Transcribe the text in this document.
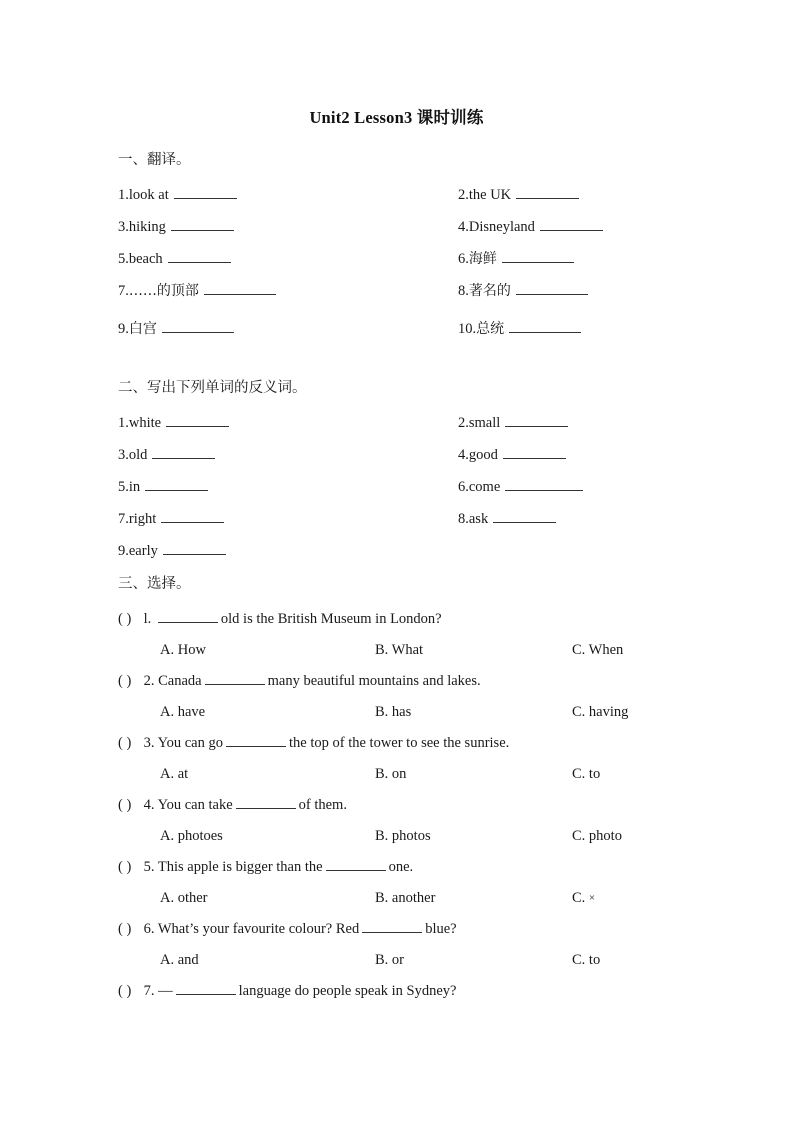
Unit2 Lesson3 课时训练
一、翻译。
1.look at	2.the UK
3.hiking	4.Disneyland
5.beach	6.海鲜
7.……的顶部	8.著名的
9.白宫	10.总统
二、写出下列单词的反义词。
1.white	2.small
3.old	4.good
5.in	6.come
7.right	8.ask
9.early
三、选择。
( ) l.	old is the British Museum in London?
A. How	B. What	C. When
( ) 2. Canada	many beautiful mountains and lakes.
A. have	B. has	C. having
( ) 3. You can go	the top of the tower to see the sunrise.
A. at	B. on	C. to
( ) 4. You can take	of them.
A. photoes	B. photos	C. photo
( ) 5. This apple is bigger than the	one.
A. other	B. another	C. ×
( ) 6. What’s your favourite colour? Red	blue?
A. and	B. or	C. to
( ) 7. —	language do people speak in Sydney?
